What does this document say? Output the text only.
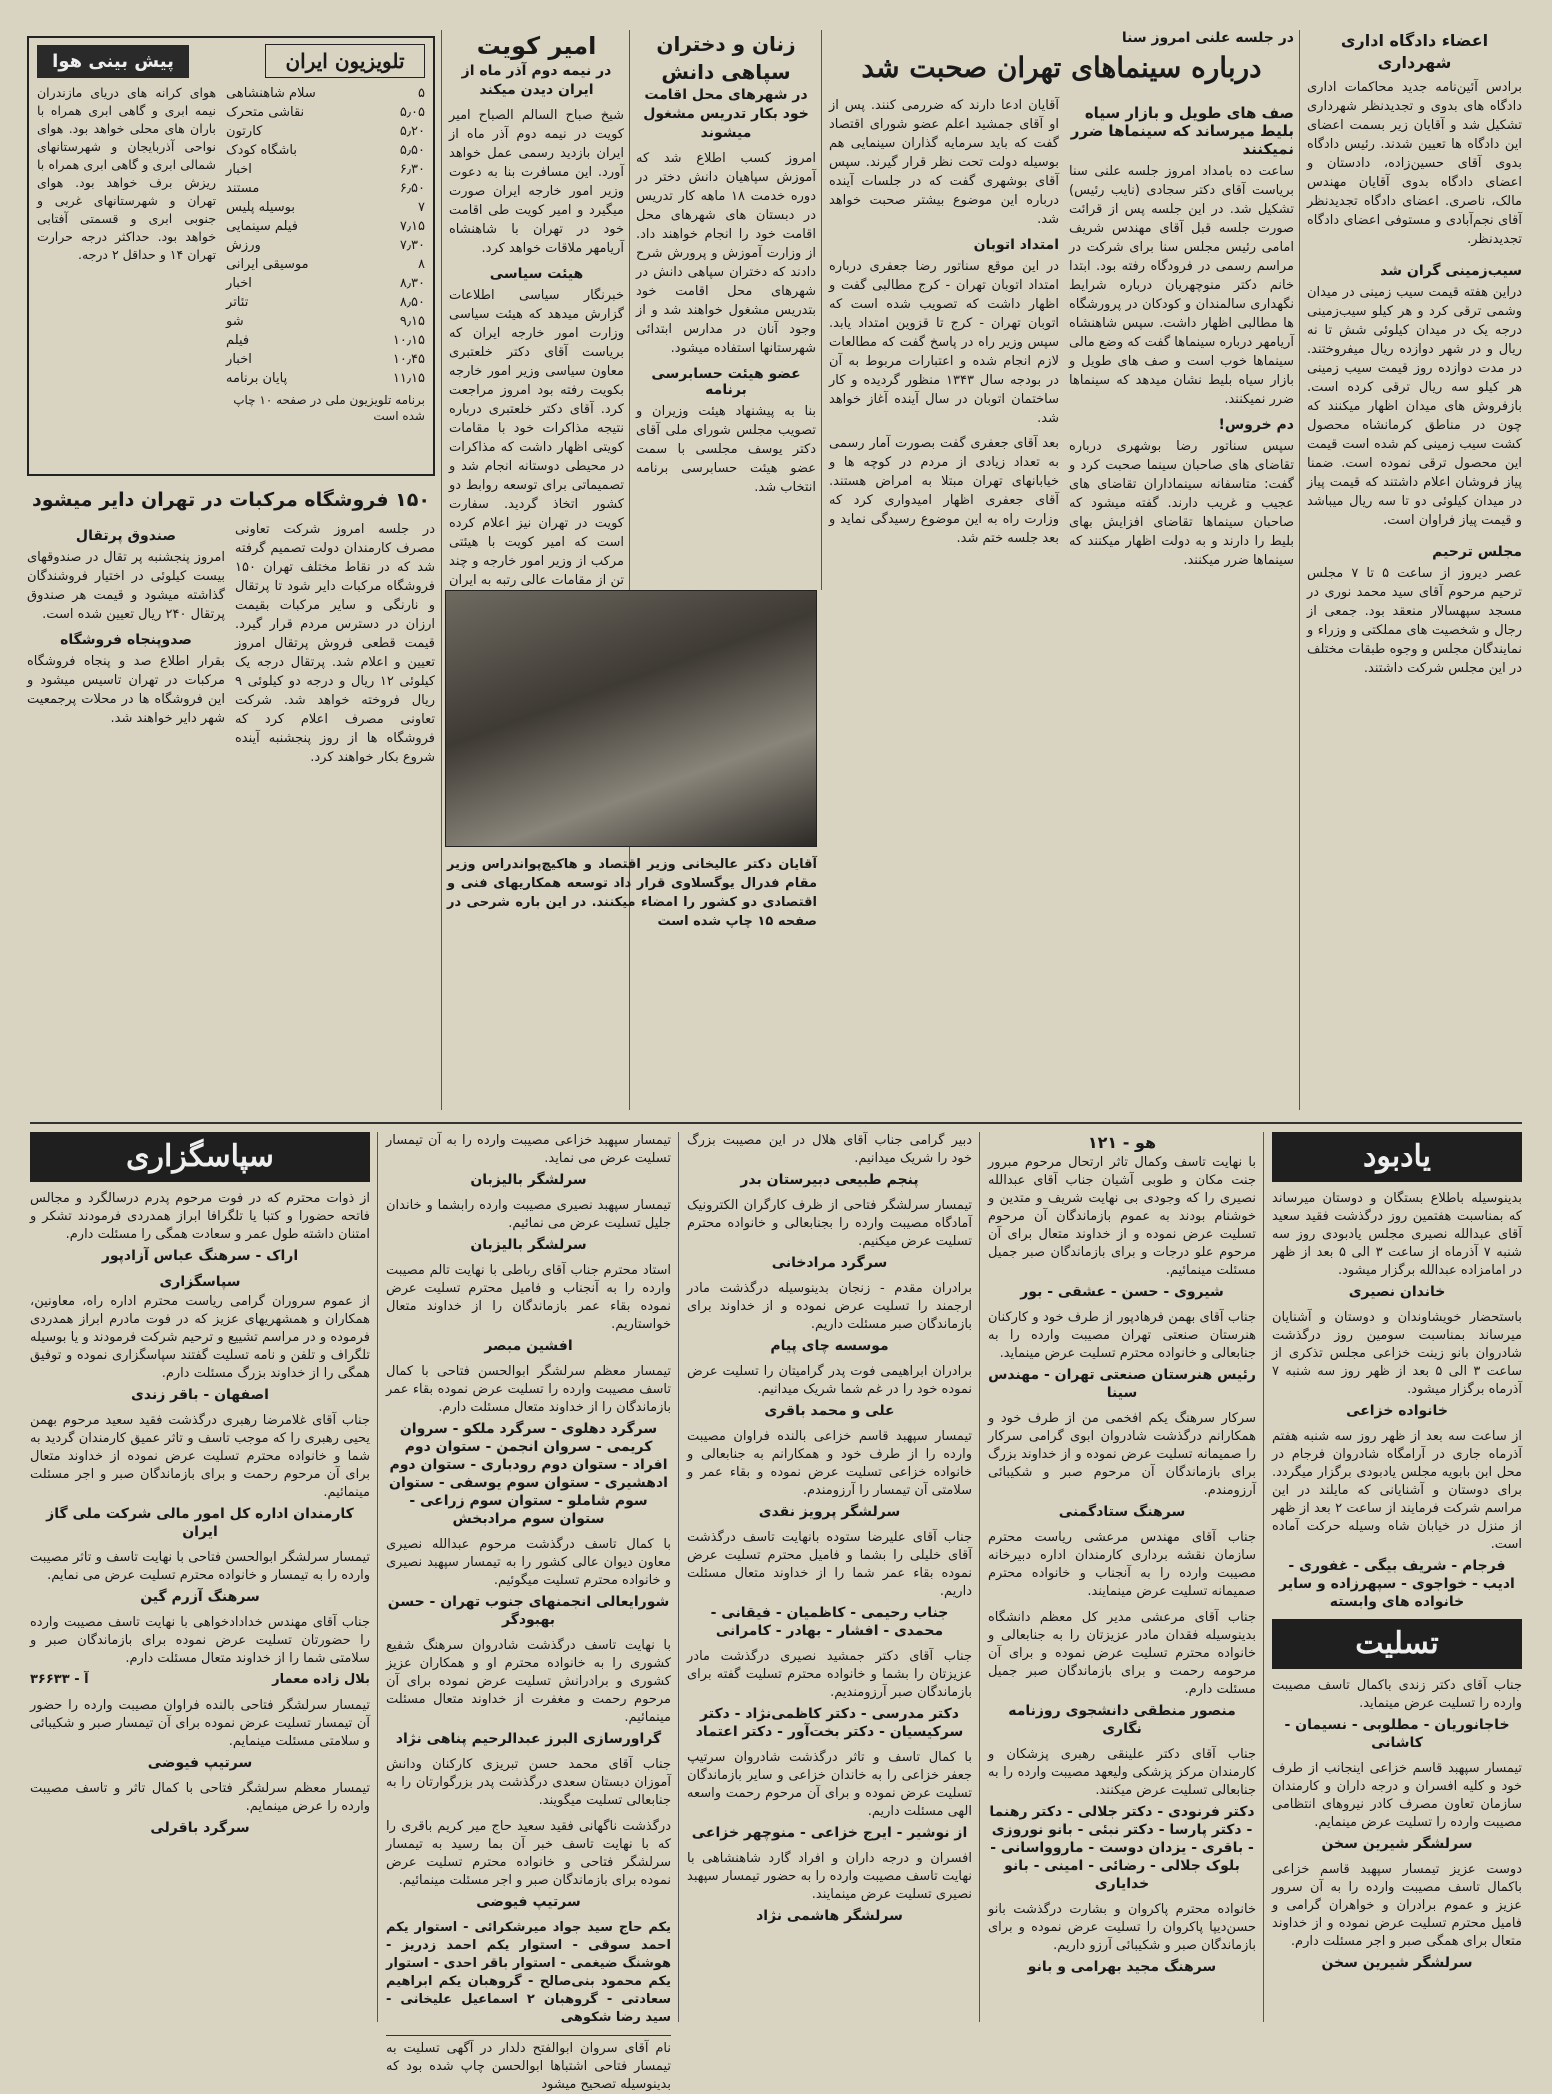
اعضاء دادگاه اداری شهرداری
برادس آئین‌نامه جدید محاکمات اداری دادگاه های بدوی و تجدیدنظر شهرداری تشکیل شد و آقایان زیر بسمت اعضای این دادگاه ها تعیین شدند. رئیس دادگاه بدوی آقای حسین‌زاده، دادستان و اعضای دادگاه بدوی آقایان مهندس مالک، ناصری. اعضای دادگاه تجدیدنظر آقای نجم‌آبادی و مستوفی اعضای دادگاه تجدیدنظر.
سیب‌زمینی گران شد
دراین هفته قیمت سیب زمینی در میدان وشمی ترقی کرد و هر کیلو سیب‌زمینی درجه یک در میدان کیلوئی شش تا نه ریال و در شهر دوازده ریال میفروختند. در مدت دوازده روز قیمت سیب زمینی هر کیلو سه ریال ترقی کرده است. بازفروش های میدان اظهار میکنند که چون در مناطق کرمانشاه محصول کشت سیب زمینی کم شده است قیمت این محصول ترقی نموده است. ضمنا پیاز فروشان اعلام داشتند که قیمت پیاز در میدان کیلوئی دو تا سه ریال میباشد و قیمت پیاز فراوان است.
مجلس ترحیم
عصر دیروز از ساعت ۵ تا ۷ مجلس ترحیم مرحوم آقای سید محمد نوری در مسجد سپهسالار منعقد بود. جمعی از رجال و شخصیت های مملکتی و وزراء و نمایندگان مجلس و وجوه طبقات مختلف در این مجلس شرکت داشتند.
در جلسه علنی امروز سنا
درباره سینماهای تهران صحبت شد
صف های طویل و بازار سیاه بلیط میرساند که سینماها ضرر نمیکنند
ساعت ده بامداد امروز جلسه علنی سنا بریاست آقای دکتر سجادی (نایب رئیس) تشکیل شد. در این جلسه پس از قرائت صورت جلسه قبل آقای مهندس شریف امامی رئیس مجلس سنا برای شرکت در مراسم رسمی در فرودگاه رفته بود. ابتدا خانم دکتر منوچهریان درباره شرایط نگهداری سالمندان و کودکان در پرورشگاه ها مطالبی اظهار داشت. سپس شاهنشاه آریامهر درباره سینماها گفت که وضع مالی سینماها خوب است و صف های طویل و بازار سیاه بلیط نشان میدهد که سینماها ضرر نمیکنند.
دم خروس!
سپس سناتور رضا بوشهری درباره تقاضای های صاحبان سینما صحبت کرد و گفت: متاسفانه سینماداران تقاضای های عجیب و غریب دارند. گفته میشود که صاحبان سینماها تقاضای افزایش بهای بلیط را دارند و به دولت اظهار میکنند که سینماها ضرر میکنند.
آقایان ادعا دارند که ضررمی کنند. پس از او آقای جمشید اعلم عضو شورای اقتصاد گفت که باید سرمایه گذاران سینمایی هم بوسیله دولت تحت نظر قرار گیرند. سپس آقای بوشهری گفت که در جلسات آینده درباره این موضوع بیشتر صحبت خواهد شد.
امتداد اتوبان
در این موقع سناتور رضا جعفری درباره امتداد اتوبان تهران - کرج مطالبی گفت و اظهار داشت که تصویب شده است که اتوبان تهران - کرج تا قزوین امتداد یابد. سپس وزیر راه در پاسخ گفت که مطالعات لازم انجام شده و اعتبارات مربوط به آن در بودجه سال ۱۳۴۳ منظور گردیده و کار ساختمان اتوبان در سال آینده آغاز خواهد شد.
بعد آقای جعفری گفت بصورت آمار رسمی به تعداد زیادی از مردم در کوچه ها و خیابانهای تهران مبتلا به امراض هستند. آقای جعفری اظهار امیدواری کرد که وزارت راه به این موضوع رسیدگی نماید و بعد جلسه ختم شد.
زنان و دختران سپاهی دانش
در شهرهای محل اقامت خود بکار تدریس مشغول میشوند
امروز کسب اطلاع شد که آموزش سپاهیان دانش دختر در دوره خدمت ۱۸ ماهه کار تدریس در دبستان های شهرهای محل اقامت خود را انجام خواهند داد. از وزارت آموزش و پرورش شرح دادند که دختران سپاهی دانش در شهرهای محل اقامت خود بتدریس مشغول خواهند شد و از وجود آنان در مدارس ابتدائی شهرستانها استفاده میشود.
عضو هیئت حسابرسی برنامه
بنا به پیشنهاد هیئت وزیران و تصویب مجلس شورای ملی آقای دکتر یوسف مجلسی با سمت عضو هیئت حسابرسی برنامه انتخاب شد.
امیر کویت
در نیمه دوم آذر ماه از ایران دیدن میکند
شیخ صباح السالم الصباح امیر کویت در نیمه دوم آذر ماه از ایران بازدید رسمی عمل خواهد آورد. این مسافرت بنا به دعوت وزیر امور خارجه ایران صورت میگیرد و امیر کویت طی اقامت خود در تهران با شاهنشاه آریامهر ملاقات خواهد کرد.
هیئت سیاسی
خبرنگار سیاسی اطلاعات گزارش میدهد که هیئت سیاسی وزارت امور خارجه ایران که بریاست آقای دکتر خلعتبری معاون سیاسی وزیر امور خارجه بکویت رفته بود امروز مراجعت کرد. آقای دکتر خلعتبری درباره نتیجه مذاکرات خود با مقامات کویتی اظهار داشت که مذاکرات در محیطی دوستانه انجام شد و تصمیماتی برای توسعه روابط دو کشور اتخاذ گردید. سفارت کویت در تهران نیز اعلام کرده است که امیر کویت با هیئتی مرکب از وزیر امور خارجه و چند تن از مقامات عالی رتبه به ایران
تلویزیون ایران
پیش بینی هوا
۵
سلام شاهنشاهی
۵٫۰۵
نقاشی متحرک
۵٫۲۰
کارتون
۵٫۵۰
باشگاه کودک
۶٫۳۰
اخبار
۶٫۵۰
مستند
۷
بوسیله پلیس
۷٫۱۵
فیلم سینمایی
۷٫۳۰
ورزش
۸
موسیقی ایرانی
۸٫۳۰
اخبار
۸٫۵۰
تئاتر
۹٫۱۵
شو
۱۰٫۱۵
فیلم
۱۰٫۴۵
اخبار
۱۱٫۱۵
پایان برنامه
برنامه تلویزیون ملی در صفحه ۱۰ چاپ شده است
هوای کرانه های دریای مازندران نیمه ابری و گاهی ابری همراه با باران های محلی خواهد بود. هوای نواحی آذربایجان و شهرستانهای شمالی ابری و گاهی ابری همراه با ریزش برف خواهد بود. هوای تهران و شهرستانهای غربی و جنوبی ابری و قسمتی آفتابی خواهد بود. حداکثر درجه حرارت تهران ۱۴ و حداقل ۲ درجه.
۱۵۰ فروشگاه مرکبات در تهران دایر میشود
در جلسه امروز شرکت تعاونی مصرف کارمندان دولت تصمیم گرفته شد که در نقاط مختلف تهران ۱۵۰ فروشگاه مرکبات دایر شود تا پرتقال و نارنگی و سایر مرکبات بقیمت ارزان در دسترس مردم قرار گیرد. قیمت قطعی فروش پرتقال امروز تعیین و اعلام شد. پرتقال درجه یک کیلوئی ۱۲ ریال و درجه دو کیلوئی ۹ ریال فروخته خواهد شد. شرکت تعاونی مصرف اعلام کرد که فروشگاه ها از روز پنجشنبه آینده شروع بکار خواهند کرد.
صندوق پرتقال
امروز پنجشنبه پر تقال در صندوقهای بیست کیلوئی در اختیار فروشندگان گذاشته میشود و قیمت هر صندوق پرتقال ۲۴۰ ریال تعیین شده است.
صدوپنجاه فروشگاه
بقرار اطلاع صد و پنجاه فروشگاه مرکبات در تهران تاسیس میشود و این فروشگاه ها در محلات پرجمعیت شهر دایر خواهند شد.
آقایان دکتر عالیخانی وزیر اقتصاد و هاکیچ‌پواندراس وزیر مقام فدرال یوگسلاوی قرار داد توسعه همکاریهای فنی و اقتصادی دو کشور را امضاء میکنند. در این باره شرحی در صفحه ۱۵ چاپ شده است
یادبود
بدینوسیله باطلاع بستگان و دوستان میرساند که بمناسبت هفتمین روز درگذشت فقید سعید آقای عبدالله نصیری مجلس یادبودی روز سه شنبه ۷ آذرماه از ساعت ۳ الی ۵ بعد از ظهر در امامزاده عبدالله برگزار میشود.
خاندان نصیری
باستحضار خویشاوندان و دوستان و آشنایان میرساند بمناسبت سومین روز درگذشت شادروان بانو زینت خزاعی مجلس تذکری از ساعت ۳ الی ۵ بعد از ظهر روز سه شنبه ۷ آذرماه برگزار میشود.
خانواده خزاعی
از ساعت سه بعد از ظهر روز سه شنبه هفتم آذرماه جاری در آرامگاه شادروان فرجام در محل ابن بابویه مجلس یادبودی برگزار میگردد. برای دوستان و آشنایانی که مایلند در این مراسم شرکت فرمایند از ساعت ۲ بعد از ظهر از منزل در خیابان شاه وسیله حرکت آماده است.
فرجام - شریف بیگی - غفوری - ادیب - خواجوی - سپهرزاده و سایر خانواده های وابسته
تسلیت
جناب آقای دکتر زندی باکمال تاسف مصیبت وارده را تسلیت عرض مینماید.
خاجانوریان - مطلوبی - نسیمان - کاشانی
تیمسار سپهبد قاسم خزاعی اینجانب از طرف خود و کلیه افسران و درجه داران و کارمندان سازمان تعاون مصرف کادر نیروهای انتظامی مصیبت وارده را تسلیت عرض مینمایم.
سرلشگر شیرین سخن
دوست عزیز تیمسار سپهبد قاسم خزاعی باکمال تاسف مصیبت وارده را به آن سرور عزیز و عموم برادران و خواهران گرامی و فامیل محترم تسلیت عرض نموده و از خداوند متعال برای همگی صبر و اجر مسئلت دارم.
سرلشگر شیرین سخن
هو - ۱۲۱
با نهایت تاسف وکمال تاثر ارتحال مرحوم مبرور جنت مکان و طوبی آشیان جناب آقای عبدالله نصیری را که وجودی بی نهایت شریف و متدین و خوشنام بودند به عموم بازماندگان آن مرحوم تسلیت عرض نموده و از خداوند متعال برای آن مرحوم علو درجات و برای بازماندگان صبر جمیل مسئلت مینمائیم.
شیروی - حسن - عشقی - بور
جناب آقای بهمن فرهادپور از طرف خود و کارکنان هنرستان صنعتی تهران مصیبت وارده را به جنابعالی و خانواده محترم تسلیت عرض مینماید.
رئیس هنرستان صنعتی تهران - مهندس سینا
سرکار سرهنگ یکم افخمی من از طرف خود و همکارانم درگذشت شادروان ابوی گرامی سرکار را صمیمانه تسلیت عرض نموده و از خداوند بزرگ برای بازماندگان آن مرحوم صبر و شکیبائی آرزومندم.
سرهنگ ستادگمنی
جناب آقای مهندس مرعشی ریاست محترم سازمان نقشه برداری کارمندان اداره دبیرخانه مصیبت وارده را به آنجناب و خانواده محترم صمیمانه تسلیت عرض مینمایند.
جناب آقای مرعشی مدیر کل معظم دانشگاه بدینوسیله فقدان مادر عزیزتان را به جنابعالی و خانواده محترم تسلیت عرض نموده و برای آن مرحومه رحمت و برای بازماندگان صبر جمیل مسئلت دارم.
منصور منطقی دانشجوی روزنامه نگاری
جناب آقای دکتر علینقی رهبری پزشکان و کارمندان مرکز پزشکی ولیعهد مصیبت وارده را به جنابعالی تسلیت عرض میکنند.
دکتر فرنودی - دکتر جلالی - دکتر رهنما - دکتر پارسا - دکتر نبئی - بانو نوروزی - باقری - یزدان دوست - ماروواسانی - بلوک جلالی - رضائی - امینی - بانو خدایاری
خانواده محترم پاکروان و بشارت درگذشت بانو حسن‌دیپا پاکروان را تسلیت عرض نموده و برای بازماندگان صبر و شکیبائی آرزو داریم.
سرهنگ مجید بهرامی و بانو
دبیر گرامی جناب آقای هلال در این مصیبت بزرگ خود را شریک میدانیم.
پنجم طبیعی دبیرستان بدر
تیمسار سرلشگر فتاحی از ظرف کارگران الکترونیک آمادگاه مصیبت وارده را بجنابعالی و خانواده محترم تسلیت عرض میکنیم.
سرگرد مرادخانی
برادران مقدم - زنجان بدینوسیله درگذشت مادر ارجمند را تسلیت عرض نموده و از خداوند برای بازماندگان صبر مسئلت داریم.
موسسه چای پیام
برادران ابراهیمی فوت پدر گرامیتان را تسلیت عرض نموده خود را در غم شما شریک میدانیم.
علی و محمد باقری
تیمسار سپهبد قاسم خزاعی بالنده فراوان مصیبت وارده را از طرف خود و همکارانم به جنابعالی و خانواده خزاعی تسلیت عرض نموده و بقاء عمر و سلامتی آن تیمسار را آرزومندم.
سرلشگر پرویز نقدی
جناب آقای علیرضا ستوده بانهایت تاسف درگذشت آقای خلیلی را بشما و فامیل محترم تسلیت عرض نموده بقاء عمر شما را از خداوند متعال مسئلت داریم.
جناب رحیمی - کاظمیان - فیقانی - محمدی - افشار - بهادر - کامرانی
جناب آقای دکتر جمشید نصیری درگذشت مادر عزیزتان را بشما و خانواده محترم تسلیت گفته برای بازماندگان صبر آرزومندیم.
دکتر مدرسی - دکتر کاظمی‌نژاد - دکتر سرکیسیان - دکتر بخت‌آور - دکتر اعتماد
با کمال تاسف و تاثر درگذشت شادروان سرتیپ جعفر خزاعی را به خاندان خزاعی و سایر بازماندگان تسلیت عرض نموده و برای آن مرحوم رحمت واسعه الهی مسئلت داریم.
از نوشیر - ایرج خزاعی - منوچهر خزاعی
افسران و درجه داران و افراد گارد شاهنشاهی با نهایت تاسف مصیبت وارده را به حضور تیمسار سپهبد نصیری تسلیت عرض مینمایند.
سرلشگر هاشمی نژاد
تیمسار سپهبد خزاعی مصیبت وارده را به آن تیمسار تسلیت عرض می نماید.
سرلشگر بالیزبان
تیمسار سپهبد نصیری مصیبت وارده رابشما و خاندان جلیل تسلیت عرض می نمائیم.
سرلشگر بالیزبان
استاد محترم جناب آقای رباطی با نهایت تالم مصیبت وارده را به آنجناب و فامیل محترم تسلیت عرض نموده بقاء عمر بازماندگان را از خداوند متعال خواستاریم.
افشین مبصر
تیمسار معظم سرلشگر ابوالحسن فتاحی با کمال تاسف مصیبت وارده را تسلیت عرض نموده بقاء عمر بازماندگان را از خداوند متعال مسئلت دارم.
سرگرد دهلوی - سرگرد ملکو - سروان کریمی - سروان انجمن - ستوان دوم افراد - ستوان دوم رودباری - ستوان دوم ادهشیری - ستوان سوم یوسفی - ستوان سوم شاملو - ستوان سوم زراعی - ستوان سوم مرادبخش
با کمال تاسف درگذشت مرحوم عبدالله نصیری معاون دیوان عالی کشور را به تیمسار سپهبد نصیری و خانواده محترم تسلیت میگوئیم.
شورایعالی انجمنهای جنوب تهران - حسن بهبودگر
با نهایت تاسف درگذشت شادروان سرهنگ شفیع کشوری را به خانواده محترم او و همکاران عزیز کشوری و برادرانش تسلیت عرض نموده برای آن مرحوم رحمت و مغفرت از خداوند متعال مسئلت مینمائیم.
گراورسازی البرز عبدالرحیم پناهی نژاد
جناب آقای محمد حسن تبریزی کارکنان ودانش آموزان دبستان سعدی درگذشت پدر بزرگوارتان را به جنابعالی تسلیت میگویند.
درگذشت ناگهانی فقید سعید حاج میر کریم باقری را که با نهایت تاسف خبر آن بما رسید به تیمسار سرلشگر فتاحی و خانواده محترم تسلیت عرض نموده برای بازماندگان صبر و اجر مسئلت مینمائیم.
سرتیپ فیوضی
یکم حاج سید جواد میرشکرائی - استوار یکم احمد سوقی - استوار یکم احمد زدریز - هوشنگ ضیغمی - استوار باقر احدی - استوار یکم محمود بنی‌صالح - گروهبان یکم ابراهیم سعادتی - گروهبان ۲ اسماعیل علیخانی - سید رضا شکوهی
نام آقای سروان ابوالفتح دلدار در آگهی تسلیت به تیمسار فتاحی اشتباها ابوالحسن چاپ شده بود که بدینوسیله تصحیح میشود
سپاسگزاری
از ذوات محترم که در فوت مرحوم پدرم درسالگرد و مجالس فاتحه حضورا و کتبا یا تلگرافا ابراز همدردی فرمودند تشکر و امتنان داشته طول عمر و سعادت همگی را مسئلت دارم.
اراک - سرهنگ عباس آزادپور
سپاسگزاری
از عموم سروران گرامی ریاست محترم اداره راه، معاونین، همکاران و همشهریهای عزیز که در فوت مادرم ابراز همدردی فرموده و در مراسم تشییع و ترحیم شرکت فرمودند و یا بوسیله تلگراف و تلفن و نامه تسلیت گفتند سپاسگزاری نموده و توفیق همگی را از خداوند بزرگ مسئلت دارم.
اصفهان - باقر زندی
جناب آقای غلامرضا رهبری درگذشت فقید سعید مرحوم بهمن یحیی رهبری را که موجب تاسف و تاثر عمیق کارمندان گردید به شما و خانواده محترم تسلیت عرض نموده از خداوند متعال برای آن مرحوم رحمت و برای بازماندگان صبر و اجر مسئلت مینمائیم.
کارمندان اداره کل امور مالی شرکت ملی گاز ایران
تیمسار سرلشگر ابوالحسن فتاحی با نهایت تاسف و تاثر مصیبت وارده را به تیمسار و خانواده محترم تسلیت عرض می نمایم.
سرهنگ آزرم گین
جناب آقای مهندس خدادادخواهی با نهایت تاسف مصیبت وارده را حضورتان تسلیت عرض نموده برای بازماندگان صبر و سلامتی شما را از خداوند متعال مسئلت دارم.
بلال زاده معمار
آ - ۳۶۶۳۳
تیمسار سرلشگر فتاحی بالنده فراوان مصیبت وارده را حضور آن تیمسار تسلیت عرض نموده برای آن تیمسار صبر و شکیبائی و سلامتی مسئلت مینمایم.
سرتیپ فیوضی
تیمسار معظم سرلشگر فتاحی با کمال تاثر و تاسف مصیبت وارده را عرض مینمایم.
سرگرد باقرلی
